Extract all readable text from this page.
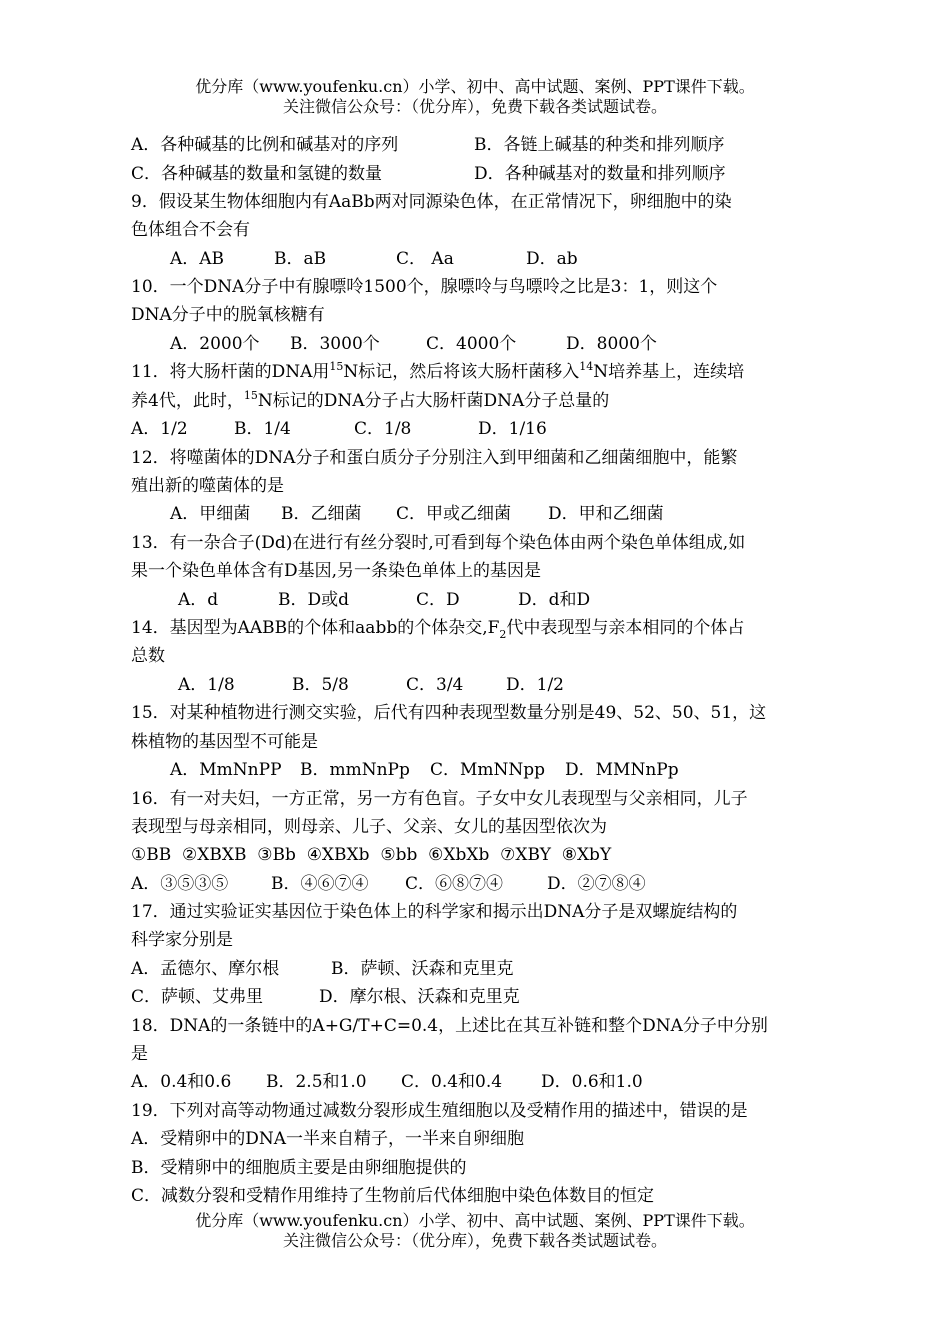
优分库（www.youfenku.cn）小学、初中、高中试题、案例、PPT课件下载。
关注微信公众号：（优分库），免费下载各类试题试卷。
A．各种碱基的比例和碱基对的序列	B．各链上碱基的种类和排列顺序
C．各种碱基的数量和氢键的数量	D．各种碱基对的数量和排列顺序
9．假设某生物体细胞内有AaBb两对同源染色体，在正常情况下，卵细胞中的染
色体组合不会有
A．AB	B．aB	C． Aa	D．ab
10．一个DNA分子中有腺嘌呤1500个，腺嘌呤与鸟嘌呤之比是3：1，则这个
DNA分子中的脱氧核糖有
A．2000个 B．3000个	C．4000个	D．8000个
11．将大肠杆菌的DNA用$^{15}$N标记，然后将该大肠杆菌移入$^{14}$N培养基上，连续培
养4代，此时，$^{15}$N标记的DNA分子占大肠杆菌DNA分子总量的
A．1/2	B．1/4	C．1/8	D．1/16
12．将噬菌体的DNA分子和蛋白质分子分别注入到甲细菌和乙细菌细胞中，能繁
殖出新的噬菌体的是
A．甲细菌 B．乙细菌 C．甲或乙细菌 D．甲和乙细菌
13．有一杂合子(Dd)在进行有丝分裂时,可看到每个染色体由两个染色单体组成,如
果一个染色单体含有D基因,另一条染色单体上的基因是
A．d	B．D或d	C．D	D．d和D
14．基因型为AABB的个体和aabb的个体杂交$,F_2$代中表现型与亲本相同的个体占
总数
A．1/8	B．5/8	C．3/4	D．1/2
15．对某种植物进行测交实验，后代有四种表现型数量分别是49、52、50、51，这
株植物的基因型不可能是
A．MmNnPP B．mmNnPp C．MmNNpp D．MMNnPp
16．有一对夫妇，一方正常，另一方有色盲。子女中女儿表现型与父亲相同，儿子
表现型与母亲相同，则母亲、儿子、父亲、女儿的基因型依次为
①BB  ②XBXB  ③Bb  ④XBXb  ⑤bb  ⑥XbXb  ⑦XBY  ⑧XbY
A．③⑤③⑤	B．④⑥⑦④ C．⑥⑧⑦④	D．②⑦⑧④
17．通过实验证实基因位于染色体上的科学家和揭示出DNA分子是双螺旋结构的
科学家分别是
A．孟德尔、摩尔根	B．萨顿、沃森和克里克
C．萨顿、艾弗里	D．摩尔根、沃森和克里克
18．DNA的一条链中的A+G/T+C=0.4，上述比在其互补链和整个DNA分子中分别
是
A．0.4和0.6 B．2.5和1.0 C．0.4和0.4 D．0.6和1.0
19．下列对高等动物通过减数分裂形成生殖细胞以及受精作用的描述中，错误的是
A．受精卵中的DNA一半来自精子，一半来自卵细胞
B．受精卵中的细胞质主要是由卵细胞提供的
C．减数分裂和受精作用维持了生物前后代体细胞中染色体数目的恒定
优分库（www.youfenku.cn）小学、初中、高中试题、案例、PPT课件下载。
关注微信公众号：（优分库），免费下载各类试题试卷。
